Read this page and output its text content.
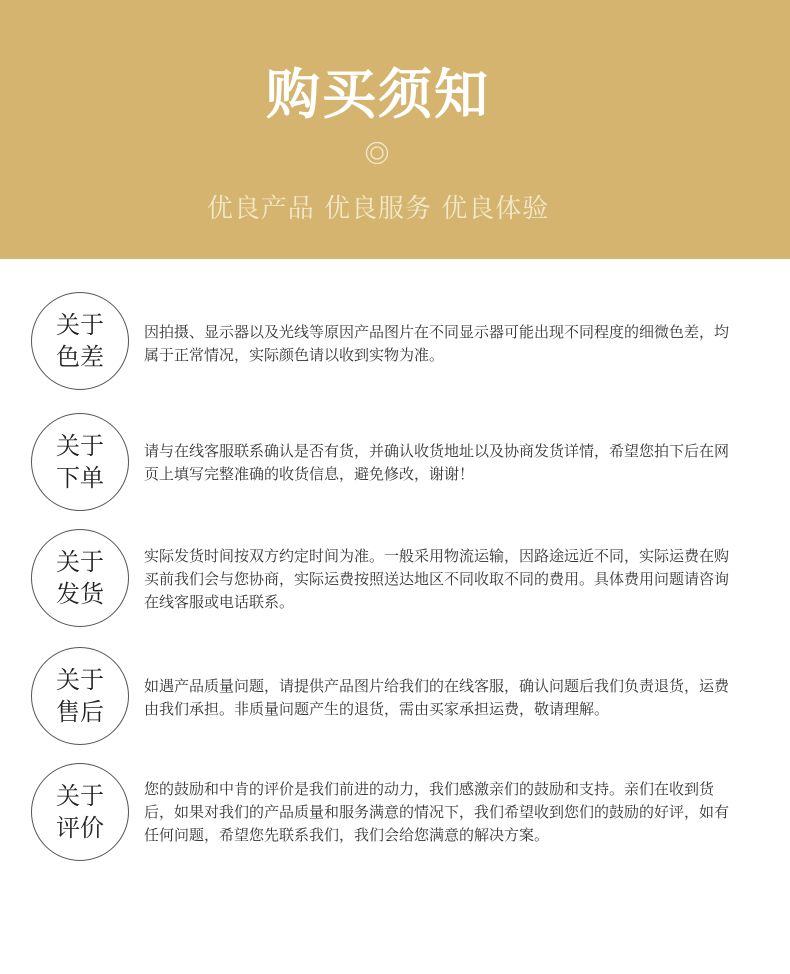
购买须知
优良产品 优良服务 优良体验
关于
色差
因拍摄、显示器以及光线等原因产品图片在不同显示器可能出现不同程度的细微色差，均属于正常情况，实际颜色请以收到实物为准。
关于
下单
请与在线客服联系确认是否有货，并确认收货地址以及协商发货详情，希望您拍下后在网页上填写完整准确的收货信息，避免修改，谢谢！
关于
发货
实际发货时间按双方约定时间为准。一般采用物流运输，因路途远近不同，实际运费在购买前我们会与您协商，实际运费按照送达地区不同收取不同的费用。具体费用问题请咨询在线客服或电话联系。
关于
售后
如遇产品质量问题，请提供产品图片给我们的在线客服，确认问题后我们负责退货，运费由我们承担。非质量问题产生的退货，需由买家承担运费，敬请理解。
关于
评价
您的鼓励和中肯的评价是我们前进的动力，我们感激亲们的鼓励和支持。亲们在收到货后，如果对我们的产品质量和服务满意的情况下，我们希望收到您们的鼓励的好评，如有任何问题，希望您先联系我们，我们会给您满意的解决方案。
